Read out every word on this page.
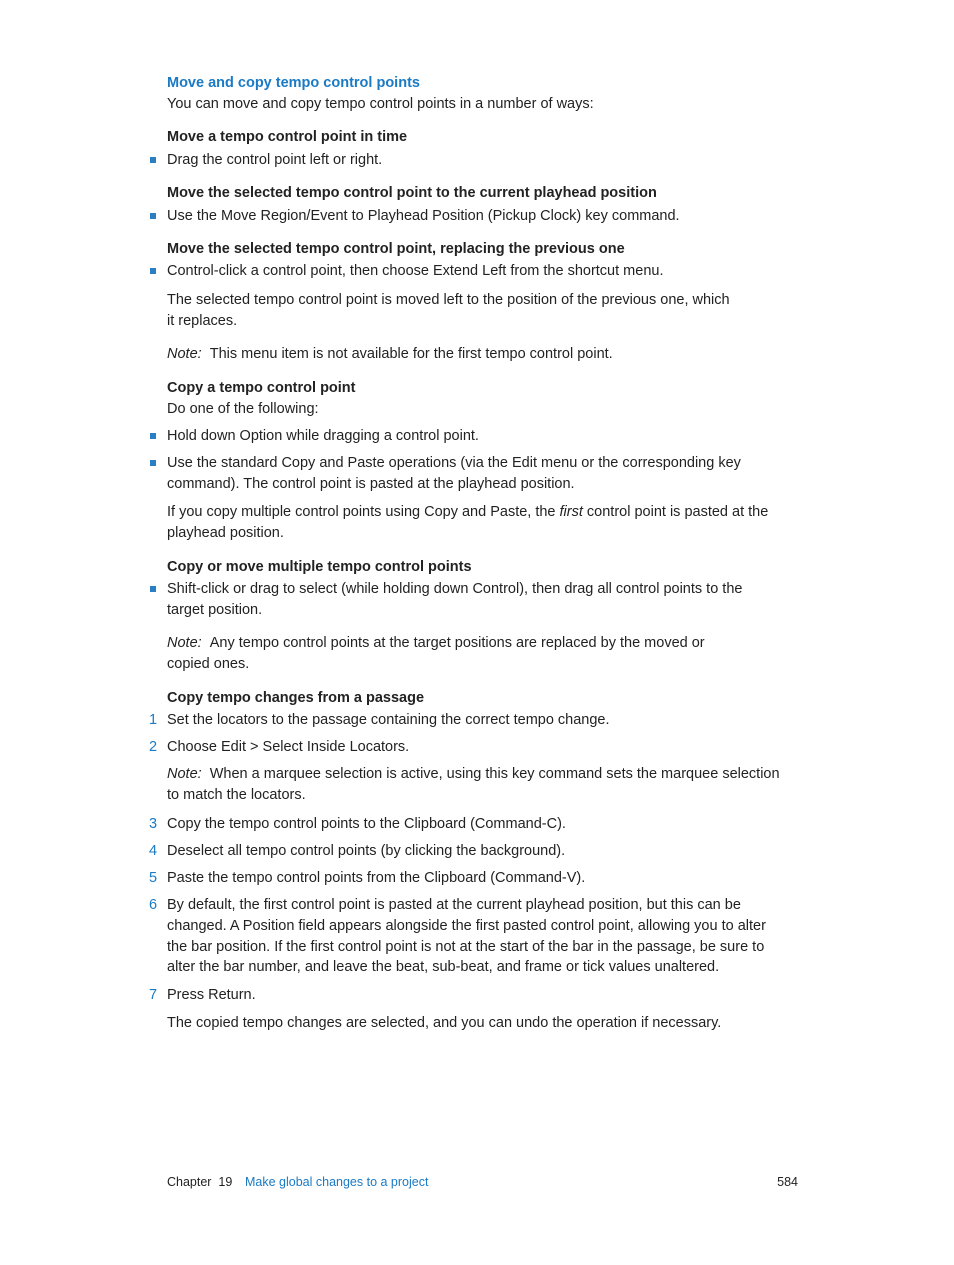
Move and copy tempo control points
You can move and copy tempo control points in a number of ways:
Move a tempo control point in time
Drag the control point left or right.
Move the selected tempo control point to the current playhead position
Use the Move Region/Event to Playhead Position (Pickup Clock) key command.
Move the selected tempo control point, replacing the previous one
Control-click a control point, then choose Extend Left from the shortcut menu.
The selected tempo control point is moved left to the position of the previous one, which
it replaces.
Note: This menu item is not available for the first tempo control point.
Copy a tempo control point
Do one of the following:
Hold down Option while dragging a control point.
Use the standard Copy and Paste operations (via the Edit menu or the corresponding key
command). The control point is pasted at the playhead position.
If you copy multiple control points using Copy and Paste, the first control point is pasted at the
playhead position.
Copy or move multiple tempo control points
Shift-click or drag to select (while holding down Control), then drag all control points to the
target position.
Note: Any tempo control points at the target positions are replaced by the moved or
copied ones.
Copy tempo changes from a passage
1 Set the locators to the passage containing the correct tempo change.
2 Choose Edit > Select Inside Locators.
Note: When a marquee selection is active, using this key command sets the marquee selection
to match the locators.
3 Copy the tempo control points to the Clipboard (Command-C).
4 Deselect all tempo control points (by clicking the background).
5 Paste the tempo control points from the Clipboard (Command-V).
6 By default, the first control point is pasted at the current playhead position, but this can be
changed. A Position field appears alongside the first pasted control point, allowing you to alter
the bar position. If the first control point is not at the start of the bar in the passage, be sure to
alter the bar number, and leave the beat, sub-beat, and frame or tick values unaltered.
7 Press Return.
The copied tempo changes are selected, and you can undo the operation if necessary.
Chapter  19 Make global changes to a project	584
